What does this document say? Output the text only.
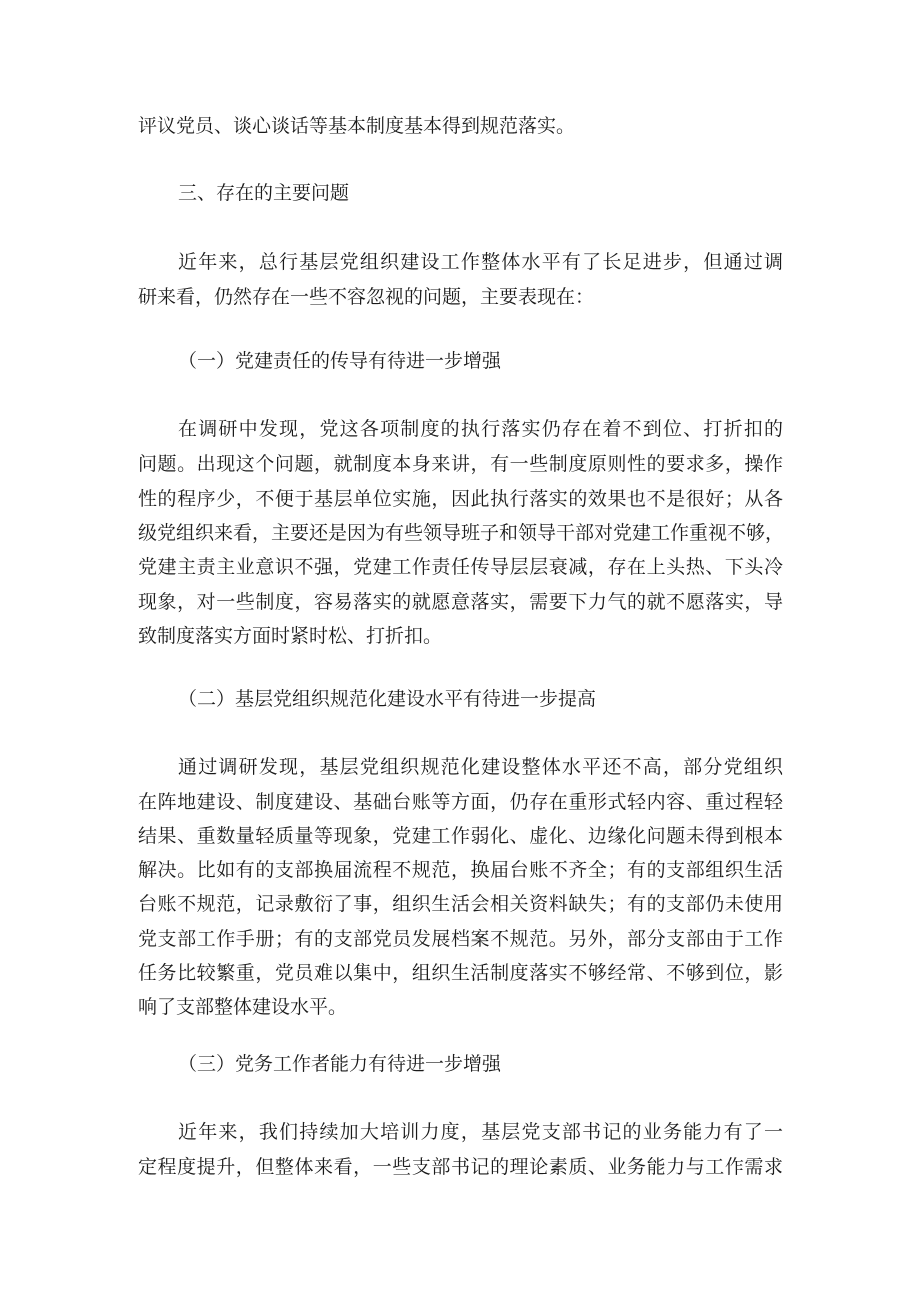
评议党员、谈心谈话等基本制度基本得到规范落实。
三、存在的主要问题
近年来，总行基层党组织建设工作整体水平有了长足进步，但通过调
研来看，仍然存在一些不容忽视的问题，主要表现在：
（一）党建责任的传导有待进一步增强
在调研中发现，党这各项制度的执行落实仍存在着不到位、打折扣的
问题。出现这个问题，就制度本身来讲，有一些制度原则性的要求多，操作
性的程序少，不便于基层单位实施，因此执行落实的效果也不是很好；从各
级党组织来看，主要还是因为有些领导班子和领导干部对党建工作重视不够，
党建主责主业意识不强，党建工作责任传导层层衰减，存在上头热、下头冷
现象，对一些制度，容易落实的就愿意落实，需要下力气的就不愿落实，导
致制度落实方面时紧时松、打折扣。
（二）基层党组织规范化建设水平有待进一步提高
通过调研发现，基层党组织规范化建设整体水平还不高，部分党组织
在阵地建设、制度建设、基础台账等方面，仍存在重形式轻内容、重过程轻
结果、重数量轻质量等现象，党建工作弱化、虚化、边缘化问题未得到根本
解决。比如有的支部换届流程不规范，换届台账不齐全；有的支部组织生活
台账不规范，记录敷衍了事，组织生活会相关资料缺失；有的支部仍未使用
党支部工作手册；有的支部党员发展档案不规范。另外，部分支部由于工作
任务比较繁重，党员难以集中，组织生活制度落实不够经常、不够到位，影
响了支部整体建设水平。
（三）党务工作者能力有待进一步增强
近年来，我们持续加大培训力度，基层党支部书记的业务能力有了一
定程度提升，但整体来看，一些支部书记的理论素质、业务能力与工作需求
